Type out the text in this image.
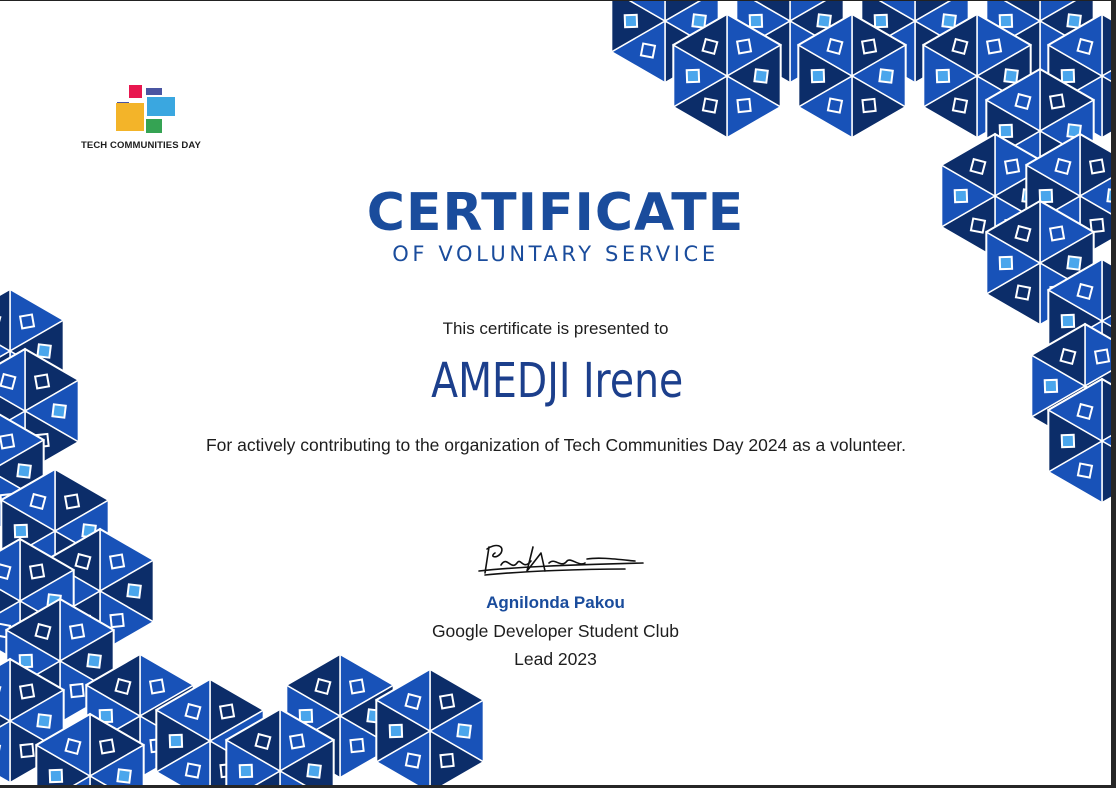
TECH COMMUNITIES DAY
CERTIFICATE
OF VOLUNTARY SERVICE
This certificate is presented to
AMEDJI Irene
For actively contributing to the organization of Tech Communities Day 2024 as a volunteer.
Agnilonda Pakou
Google Developer Student Club
Lead 2023
